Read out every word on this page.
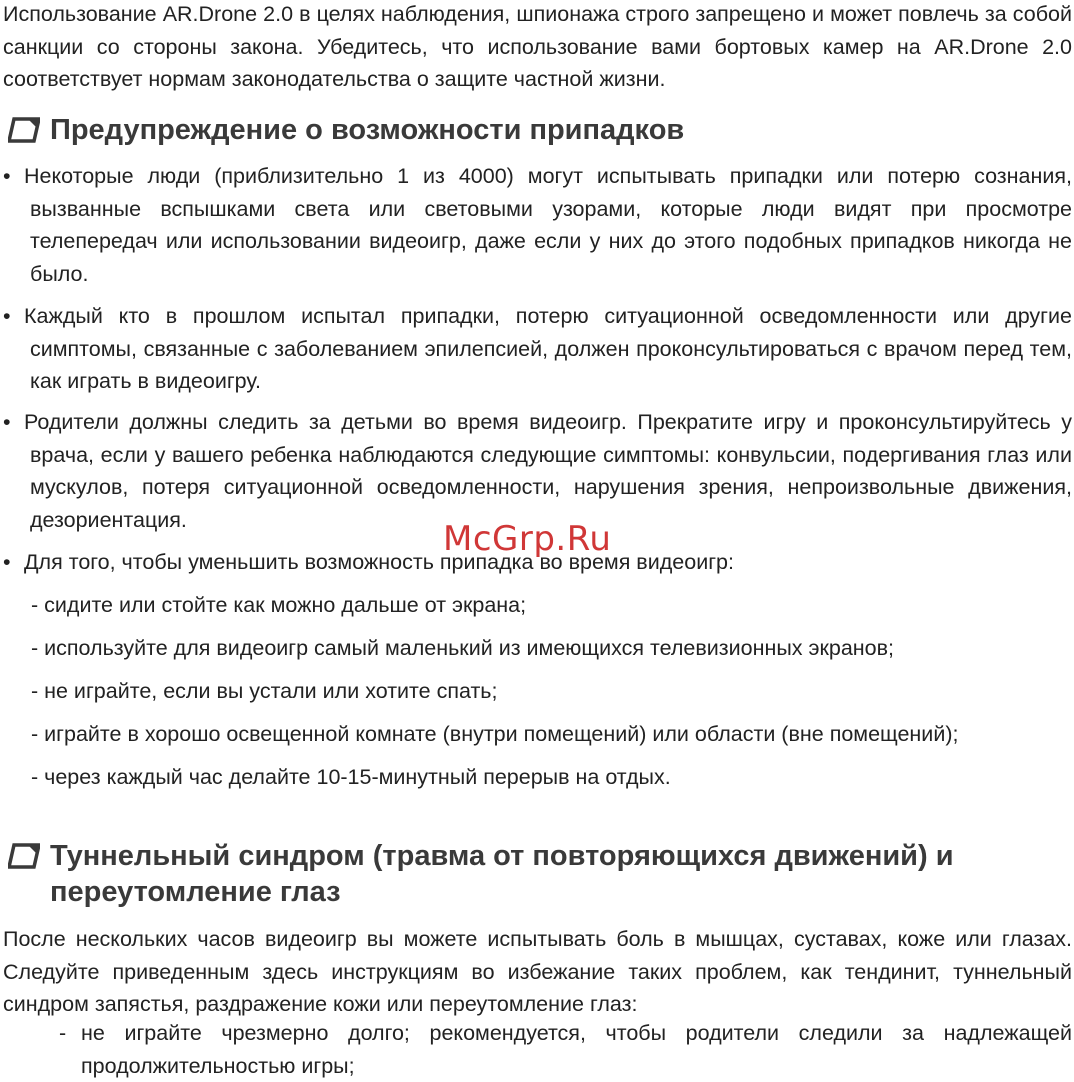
Использование AR.Drone 2.0 в целях наблюдения, шпионажа строго запрещено и может повлечь за собой санкции со стороны закона. Убедитесь, что использование вами бортовых камер на AR.Drone 2.0 соответствует нормам законодательства о защите частной жизни.

Предупреждение о возможности припадков
• Некоторые люди (приблизительно 1 из 4000) могут испытывать припадки или потерю сознания, вызванные вспышками света или световыми узорами, которые люди видят при просмотре телепередач или использовании видеоигр, даже если у них до этого подобных припадков никогда не было.
• Каждый кто в прошлом испытал припадки, потерю ситуационной осведомленности или другие симптомы, связанные с заболеванием эпилепсией, должен проконсультироваться с врачом перед тем, как играть в видеоигру.
• Родители должны следить за детьми во время видеоигр. Прекратите игру и проконсультируйтесь у врача, если у вашего ребенка наблюдаются следующие симптомы: конвульсии, подергивания глаз или мускулов, потеря ситуационной осведомленности, нарушения зрения, непроизвольные движения, дезориентация.
• Для того, чтобы уменьшить возможность припадка во время видеоигр:
- сидите или стойте как можно дальше от экрана;
- используйте для видеоигр самый маленький из имеющихся телевизионных экранов;
- не играйте, если вы устали или хотите спать;
- играйте в хорошо освещенной комнате (внутри помещений) или области (вне помещений);
- через каждый час делайте 10-15-минутный перерыв на отдых.
Туннельный синдром (травма от повторяющихся движений) и
переутомление глаз

После нескольких часов видеоигр вы можете испытывать боль в мышцах, суставах, коже или глазах. Следуйте приведенным здесь инструкциям во избежание таких проблем, как тендинит, туннельный синдром запястья, раздражение кожи или переутомление глаз:

- не играйте чрезмерно долго; рекомендуется, чтобы родители следили за надлежащей продолжительностью игры;
McGrp.Ru
